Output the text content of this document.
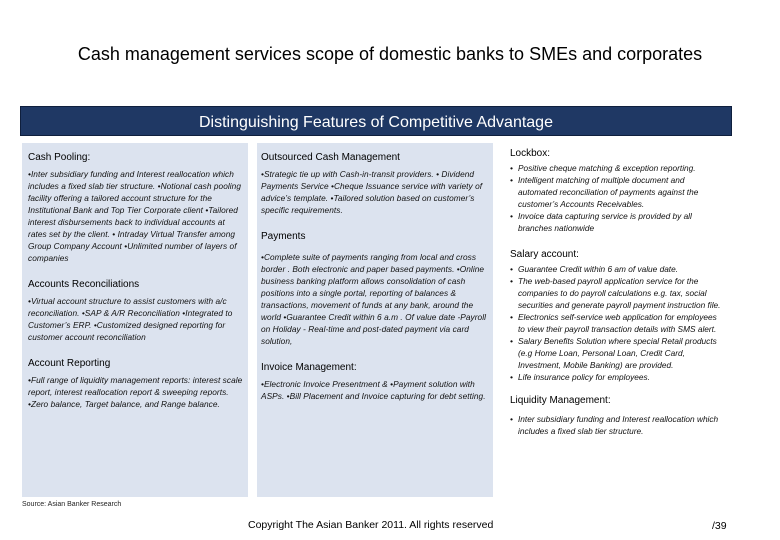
Cash management services scope of domestic banks to SMEs and corporates
Distinguishing Features of Competitive Advantage
Cash Pooling:
•Inter subsidiary funding and Interest reallocation which includes a fixed slab tier structure. •Notional cash pooling facility offering a tailored account structure for the Institutional Bank and Top Tier Corporate client •Tailored interest disbursements back to individual accounts at rates set by the client. • Intraday Virtual Transfer among Group Company Account •Unlimited number of layers of companies
Accounts Reconciliations
•Virtual account structure to assist customers with a/c reconciliation. •SAP & A/R Reconciliation •Integrated to Customer’s ERP. •Customized designed reporting for customer account reconciliation
Account Reporting
•Full range of liquidity management reports: interest scale report, interest reallocation report & sweeping reports. •Zero balance, Target balance, and Range balance.
Outsourced Cash Management
•Strategic tie up with Cash-in-transit providers. • Dividend Payments Service •Cheque Issuance service with variety of advice’s template. •Tailored solution based on customer’s specific requirements.
Payments
•Complete suite of payments ranging from local and cross border . Both electronic and paper based payments. •Online business banking platform allows consolidation of cash positions into a single portal, reporting of balances & transactions, movement of funds at any bank, around the world •Guarantee Credit within 6 a.m . Of value date -Payroll on Holiday - Real-time and post-dated payment via card solution,
Invoice Management:
•Electronic Invoice Presentment & •Payment solution with ASPs. •Bill Placement and Invoice capturing for debt setting.
Lockbox:
• Positive cheque matching & exception reporting.
• Intelligent matching of multiple document and automated reconciliation of payments against the customer’s Accounts Receivables.
• Invoice data capturing service is provided by all branches nationwide
Salary account:
• Guarantee Credit within 6 am of value date.
• The web-based payroll application service for the companies to do payroll calculations e.g. tax, social securities and generate payroll payment instruction file.
• Electronics self-service web application for employees to view their payroll transaction details with SMS alert.
• Salary Benefits Solution where special Retail products (e.g Home Loan, Personal Loan, Credit Card, Investment, Mobile Banking) are provided.
• Life insurance policy for employees.
Liquidity Management:
• Inter subsidiary funding and Interest reallocation which includes a fixed slab tier structure.
Source: Asian Banker Research
Copyright The Asian Banker 2011. All rights reserved	/39
